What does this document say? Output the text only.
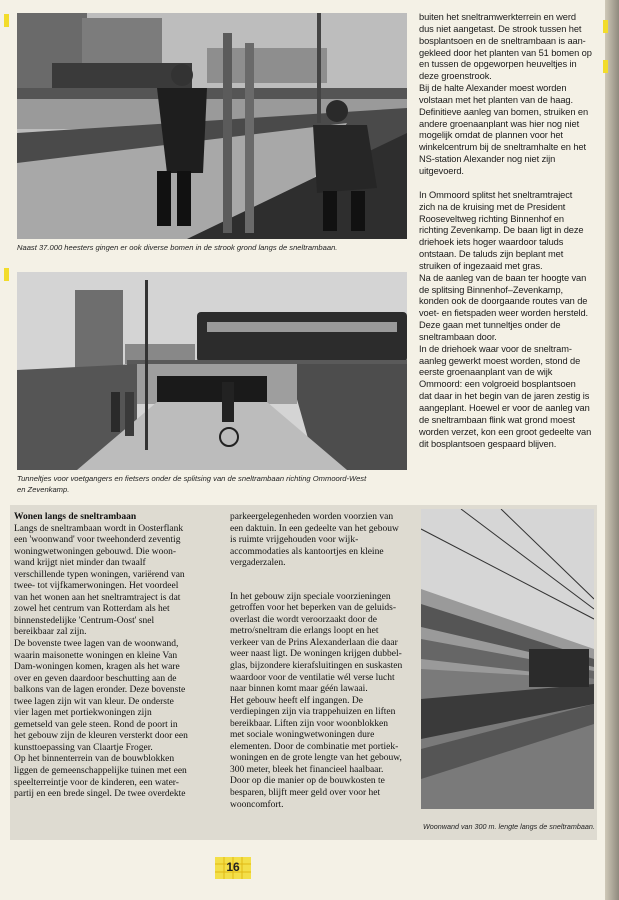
Naast 37.000 heesters gingen er ook diverse bomen in de strook grond langs de sneltrambaan.
Tunneltjes voor voetgangers en fietsers onder de splitsing van de sneltrambaan richting Ommoord-West
en Zevenkamp.

buiten het sneltramwerkterrein en werd

dus niet aangetast. De strook tussen het

bosplantsoen en de sneltrambaan is aan-

gekleed door het planten van 51 bomen op

en tussen de opgeworpen heuveltjes in

deze groenstrook.

Bij de halte Alexander moest worden

volstaan met het planten van de haag.

Definitieve aanleg van bomen, struiken en

andere groenaanplant was hier nog niet

mogelijk omdat de plannen voor het

winkelcentrum bij de sneltramhalte en het

NS-station Alexander nog niet zijn

uitgevoerd.

In Ommoord splitst het sneltramtraject

zich na de kruising met de President

Rooseveltweg richting Binnenhof en

richting Zevenkamp. De baan ligt in deze

driehoek iets hoger waardoor taluds

ontstaan. De taluds zijn beplant met

struiken of ingezaaid met gras.

Na de aanleg van de baan ter hoogte van

de splitsing Binnenhof–Zevenkamp,

konden ook de doorgaande routes van de

voet- en fietspaden weer worden hersteld.

Deze gaan met tunneltjes onder de

sneltrambaan door.

In de driehoek waar voor de sneltram-

aanleg gewerkt moest worden, stond de

eerste groenaanplant van de wijk

Ommoord: een volgroeid bosplantsoen

dat daar in het begin van de jaren zestig is

aangeplant. Hoewel er voor de aanleg van

de sneltrambaan flink wat grond moest

worden verzet, kon een groot gedeelte van

dit bosplantsoen gespaard blijven.

Wonen langs de sneltrambaan

Langs de sneltrambaan wordt in Oosterflank

een 'woonwand' voor tweehonderd zeventig

woningwetwoningen gebouwd. Die woon-

wand krijgt niet minder dan twaalf

verschillende typen woningen, variërend van

twee- tot vijfkamerwoningen. Het voordeel

van het wonen aan het sneltramtraject is dat

zowel het centrum van Rotterdam als het

binnenstedelijke 'Centrum-Oost' snel

bereikbaar zal zijn.

De bovenste twee lagen van de woonwand,

waarin maisonette woningen en kleine Van

Dam-woningen komen, kragen als het ware

over en geven daardoor beschutting aan de

balkons van de lagen eronder. Deze bovenste

twee lagen zijn wit van kleur. De onderste

vier lagen met portiekwoningen zijn

gemetseld van gele steen. Rond de poort in

het gebouw zijn de kleuren versterkt door een

kunsttoepassing van Claartje Froger.

Op het binnenterrein van de bouwblokken

liggen de gemeenschappelijke tuinen met een

speelterreintje voor de kinderen, een water-

partij en een brede singel. De twee overdekte

parkeergelegenheden worden voorzien van

een daktuin. In een gedeelte van het gebouw

is ruimte vrijgehouden voor wijk-

accommodaties als kantoortjes en kleine

vergaderzalen.

In het gebouw zijn speciale voorzieningen

getroffen voor het beperken van de geluids-

overlast die wordt veroorzaakt door de

metro/sneltram die erlangs loopt en het

verkeer van de Prins Alexanderlaan die daar

weer naast ligt. De woningen krijgen dubbel-

glas, bijzondere kierafsluitingen en suskasten

waardoor voor de ventilatie wél verse lucht

naar binnen komt maar géén lawaai.

Het gebouw heeft elf ingangen. De

verdiepingen zijn via trappehuizen en liften

bereikbaar. Liften zijn voor woonblokken

met sociale woningwetwoningen dure

elementen. Door de combinatie met portiek-

woningen en de grote lengte van het gebouw,

300 meter, bleek het financieel haalbaar.

Door op die manier op de bouwkosten te

besparen, blijft meer geld over voor het

wooncomfort.

Woonwand van 300 m. lengte langs de sneltrambaan.
16
